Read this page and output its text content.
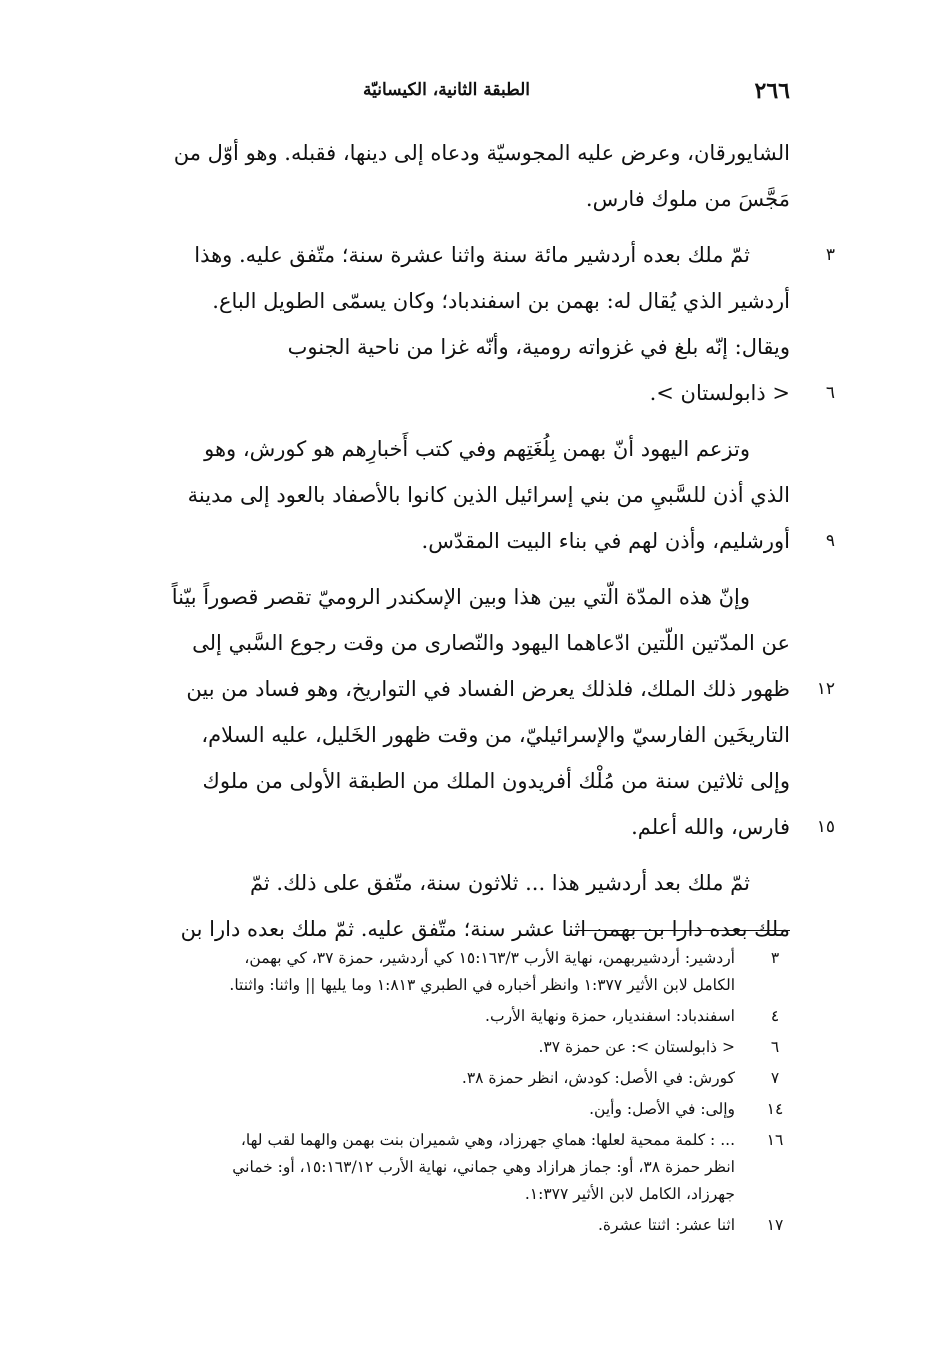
٢٦٦
الطبقة الثانية، الكيسانيّة
الشايورقان، وعرض عليه المجوسيّة ودعاه إلى دينها، فقبله. وهو أوّل من
مَجَّسَ من ملوك فارس.
ثمّ ملك بعده أردشير مائة سنة واثنا عشرة سنة؛ متّفق عليه. وهذا	٣
أردشير الذي يُقال له: بهمن بن اسفندباد؛ وكان يسمّى الطويل الباع.
ويقال: إنّه بلغ في غزواته رومية، وأنّه غزا من ناحية الجنوب
< ذابولستان >.	٦
وتزعم اليهود أنّ بهمن بِلُغَتِهم وفي كتب أَخبارِهم هو كورش، وهو
الذي أذن للسَّبيِ من بني إسرائيل الذين كانوا بالأصفاد بالعود إلى مدينة
أورشليم، وأذن لهم في بناء البيت المقدّس.	٩
وإنّ هذه المدّة الّتي بين هذا وبين الإسكندر الروميّ تقصر قصوراً بيّناً
عن المدّتين اللّتين ادّعاهما اليهود والنّصارى من وقت رجوع السَّبي إلى
ظهور ذلك الملك، فلذلك يعرض الفساد في التواريخ، وهو فساد من بين	١٢
التاريخَين الفارسيّ والإسرائيليّ، من وقت ظهور الخَليل، عليه السلام،
وإلى ثلاثين سنة من مُلْك أفريدون الملك من الطبقة الأولى من ملوك
فارس، والله أعلم.	١٥
ثمّ ملك بعد أردشير هذا ... ثلاثون سنة، متّفق على ذلك. ثمّ
ملك بعده دارا بن بهمن اثنا عشر سنة؛ متّفق عليه. ثمّ ملك بعده دارا بن
٣
أردشير: أردشيربهمن، نهاية الأرب ١٥:١٦٣/٣ كي أردشير، حمزة ٣٧، كي بهمن،
الكامل لابن الأثير ١:٣٧٧ وانظر أخباره في الطبري ١:٨١٣ وما يليها || واثنا: واثنتا.
٤
اسفندباد: اسفنديار، حمزة ونهاية الأرب.
٦
< ذابولستان >: عن حمزة ٣٧.
٧
كورش: في الأصل: كودش، انظر حمزة ٣٨.
١٤
وإلى: في الأصل: وأين.
١٦
... : كلمة ممحية لعلها: هماي جهرزاد، وهي شميران بنت بهمن والهما لقب لها،
انظر حمزة ٣٨، أو: جماز هرازاد وهي جماني، نهاية الأرب ١٥:١٦٣/١٢، أو: خماني
جهرزاد، الكامل لابن الأثير ١:٣٧٧.
١٧
اثنا عشر: اثنتا عشرة.
